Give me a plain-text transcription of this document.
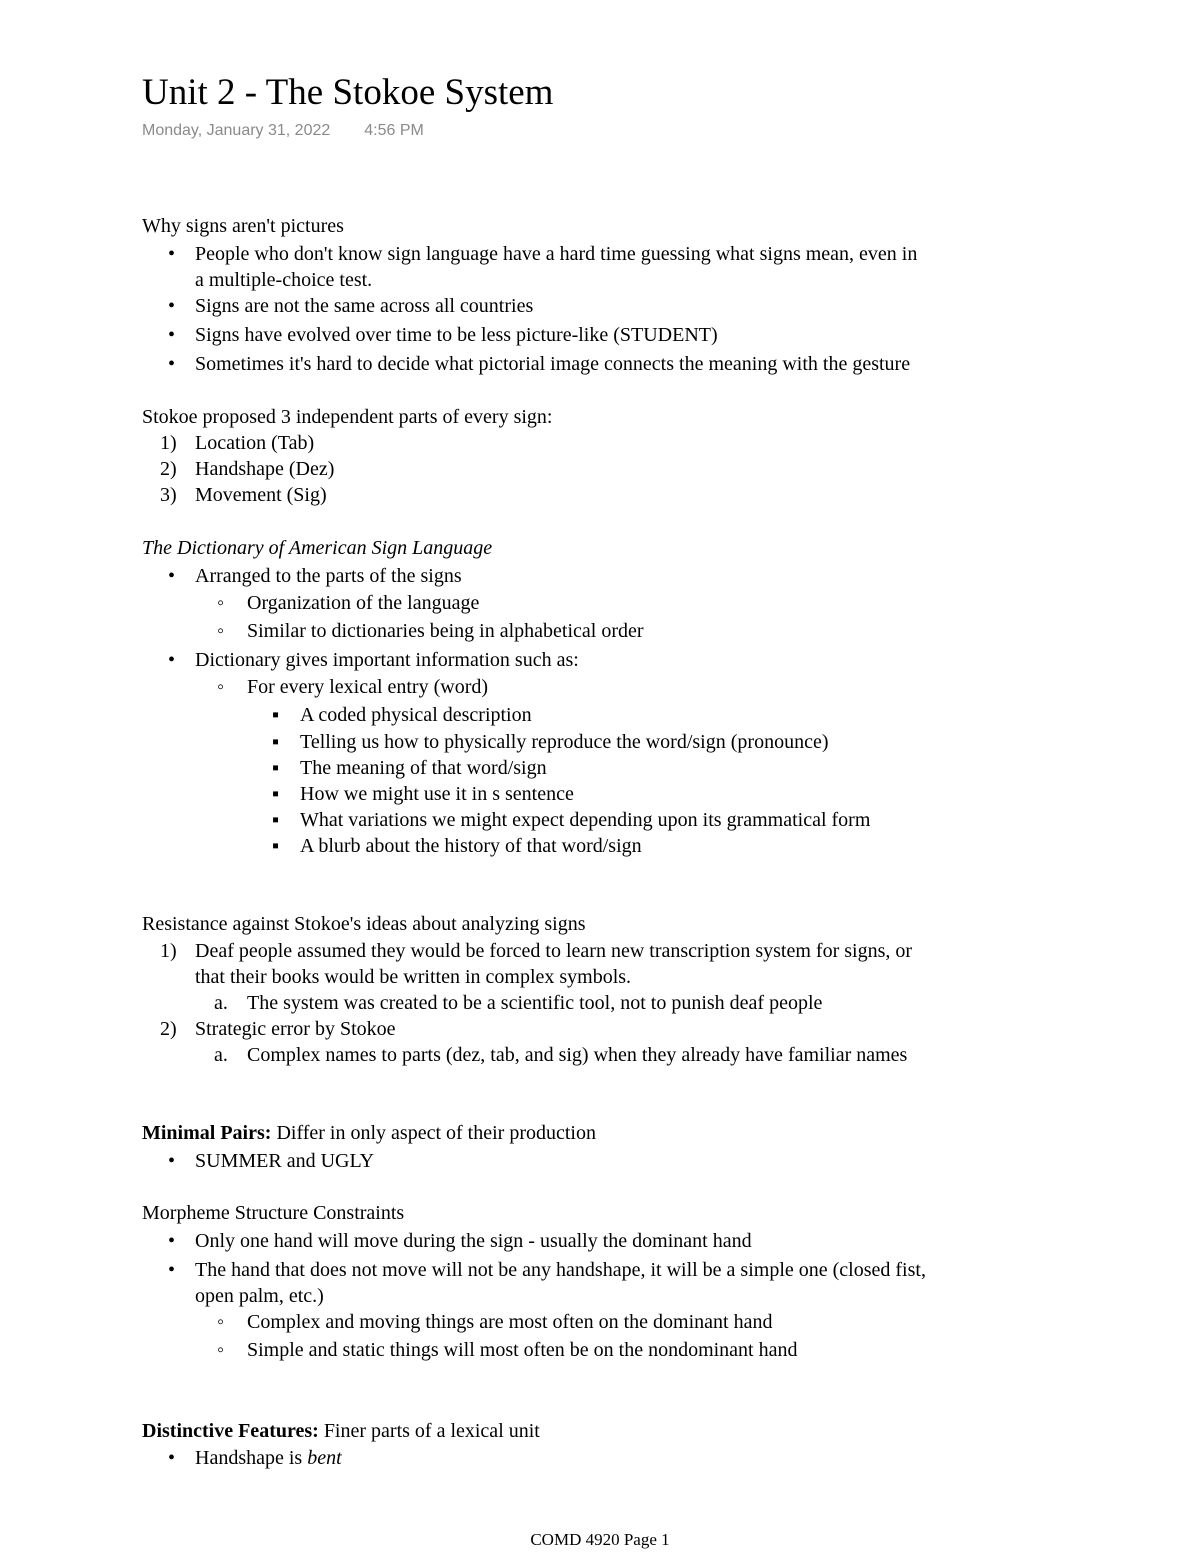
Unit 2 - The Stokoe System
Monday, January 31, 2022 4:56 PM
Why signs aren't pictures
•
People who don't know sign language have a hard time guessing what signs mean, even in
a multiple-choice test.
•
Signs are not the same across all countries
•
Signs have evolved over time to be less picture-like (STUDENT)
•
Sometimes it's hard to decide what pictorial image connects the meaning with the gesture
Stokoe proposed 3 independent parts of every sign:
1) Location (Tab)
2) Handshape (Dez)
3) Movement (Sig)
The Dictionary of American Sign Language
•
Arranged to the parts of the signs
◦
Organization of the language
◦
Similar to dictionaries being in alphabetical order
•
Dictionary gives important information such as:
◦
For every lexical entry (word)
▪
A coded physical description
▪
Telling us how to physically reproduce the word/sign (pronounce)
▪
The meaning of that word/sign
▪
How we might use it in s sentence
▪
What variations we might expect depending upon its grammatical form
▪
A blurb about the history of that word/sign
Resistance against Stokoe's ideas about analyzing signs
1) Deaf people assumed they would be forced to learn new transcription system for signs, or
that their books would be written in complex symbols.
a. The system was created to be a scientific tool, not to punish deaf people
2) Strategic error by Stokoe
a. Complex names to parts (dez, tab, and sig) when they already have familiar names
Minimal Pairs: Differ in only aspect of their production
•
SUMMER and UGLY
Morpheme Structure Constraints
•
Only one hand will move during the sign - usually the dominant hand
•
The hand that does not move will not be any handshape, it will be a simple one (closed fist,
open palm, etc.)
◦
Complex and moving things are most often on the dominant hand
◦
Simple and static things will most often be on the nondominant hand
Distinctive Features: Finer parts of a lexical unit
•
Handshape is bent
COMD 4920 Page 1
